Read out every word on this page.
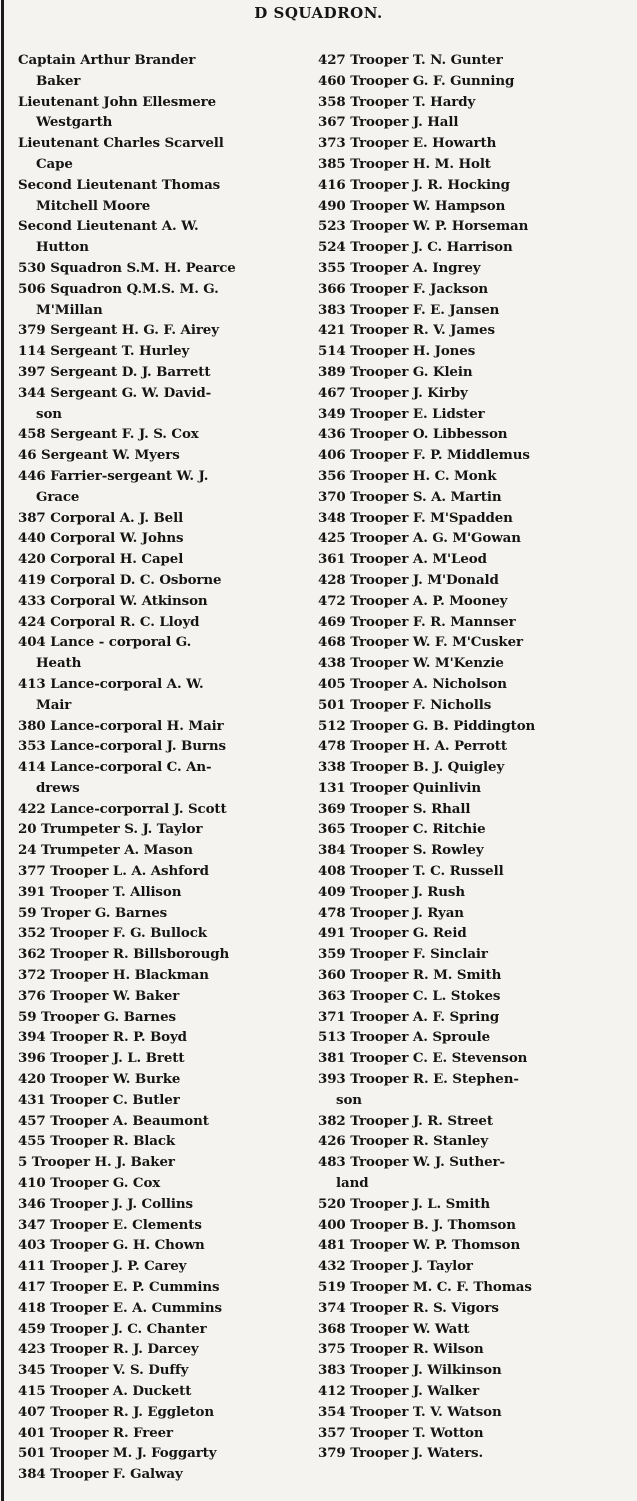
D SQUADRON.
Captain Arthur Brander
Baker
Lieutenant John Ellesmere
Westgarth
Lieutenant Charles Scarvell
Cape
Second Lieutenant Thomas
Mitchell Moore
Second Lieutenant A. W.
Hutton
530 Squadron S.M. H. Pearce
506 Squadron Q.M.S. M. G.
M'Millan
379 Sergeant H. G. F. Airey
114 Sergeant T. Hurley
397 Sergeant D. J. Barrett
344 Sergeant G. W. David-
son
458 Sergeant F. J. S. Cox
46 Sergeant W. Myers
446 Farrier-sergeant W. J.
Grace
387 Corporal A. J. Bell
440 Corporal W. Johns
420 Corporal H. Capel
419 Corporal D. C. Osborne
433 Corporal W. Atkinson
424 Corporal R. C. Lloyd
404 Lance - corporal G.
Heath
413 Lance-corporal A. W.
Mair
380 Lance-corporal H. Mair
353 Lance-corporal J. Burns
414 Lance-corporal C. An-
drews
422 Lance-corporral J. Scott
20 Trumpeter S. J. Taylor
24 Trumpeter A. Mason
377 Trooper L. A. Ashford
391 Trooper T. Allison
59 Troper G. Barnes
352 Trooper F. G. Bullock
362 Trooper R. Billsborough
372 Trooper H. Blackman
376 Trooper W. Baker
59 Trooper G. Barnes
394 Trooper R. P. Boyd
396 Trooper J. L. Brett
420 Trooper W. Burke
431 Trooper C. Butler
457 Trooper A. Beaumont
455 Trooper R. Black
5 Trooper H. J. Baker
410 Trooper G. Cox
346 Trooper J. J. Collins
347 Trooper E. Clements
403 Trooper G. H. Chown
411 Trooper J. P. Carey
417 Trooper E. P. Cummins
418 Trooper E. A. Cummins
459 Trooper J. C. Chanter
423 Trooper R. J. Darcey
345 Trooper V. S. Duffy
415 Trooper A. Duckett
407 Trooper R. J. Eggleton
401 Trooper R. Freer
501 Trooper M. J. Foggarty
384 Trooper F. Galway
427 Trooper T. N. Gunter
460 Trooper G. F. Gunning
358 Trooper T. Hardy
367 Trooper J. Hall
373 Trooper E. Howarth
385 Trooper H. M. Holt
416 Trooper J. R. Hocking
490 Trooper W. Hampson
523 Trooper W. P. Horseman
524 Trooper J. C. Harrison
355 Trooper A. Ingrey
366 Trooper F. Jackson
383 Trooper F. E. Jansen
421 Trooper R. V. James
514 Trooper H. Jones
389 Trooper G. Klein
467 Trooper J. Kirby
349 Trooper E. Lidster
436 Trooper O. Libbesson
406 Trooper F. P. Middlemus
356 Trooper H. C. Monk
370 Trooper S. A. Martin
348 Trooper F. M'Spadden
425 Trooper A. G. M'Gowan
361 Trooper A. M'Leod
428 Trooper J. M'Donald
472 Trooper A. P. Mooney
469 Trooper F. R. Mannser
468 Trooper W. F. M'Cusker
438 Trooper W. M'Kenzie
405 Trooper A. Nicholson
501 Trooper F. Nicholls
512 Trooper G. B. Piddington
478 Trooper H. A. Perrott
338 Trooper B. J. Quigley
131 Trooper Quinlivin
369 Trooper S. Rhall
365 Trooper C. Ritchie
384 Trooper S. Rowley
408 Trooper T. C. Russell
409 Trooper J. Rush
478 Trooper J. Ryan
491 Trooper G. Reid
359 Trooper F. Sinclair
360 Trooper R. M. Smith
363 Trooper C. L. Stokes
371 Trooper A. F. Spring
513 Trooper A. Sproule
381 Trooper C. E. Stevenson
393 Trooper R. E. Stephen-
son
382 Trooper J. R. Street
426 Trooper R. Stanley
483 Trooper W. J. Suther-
land
520 Trooper J. L. Smith
400 Trooper B. J. Thomson
481 Trooper W. P. Thomson
432 Trooper J. Taylor
519 Trooper M. C. F. Thomas
374 Trooper R. S. Vigors
368 Trooper W. Watt
375 Trooper R. Wilson
383 Trooper J. Wilkinson
412 Trooper J. Walker
354 Trooper T. V. Watson
357 Trooper T. Wotton
379 Trooper J. Waters.
